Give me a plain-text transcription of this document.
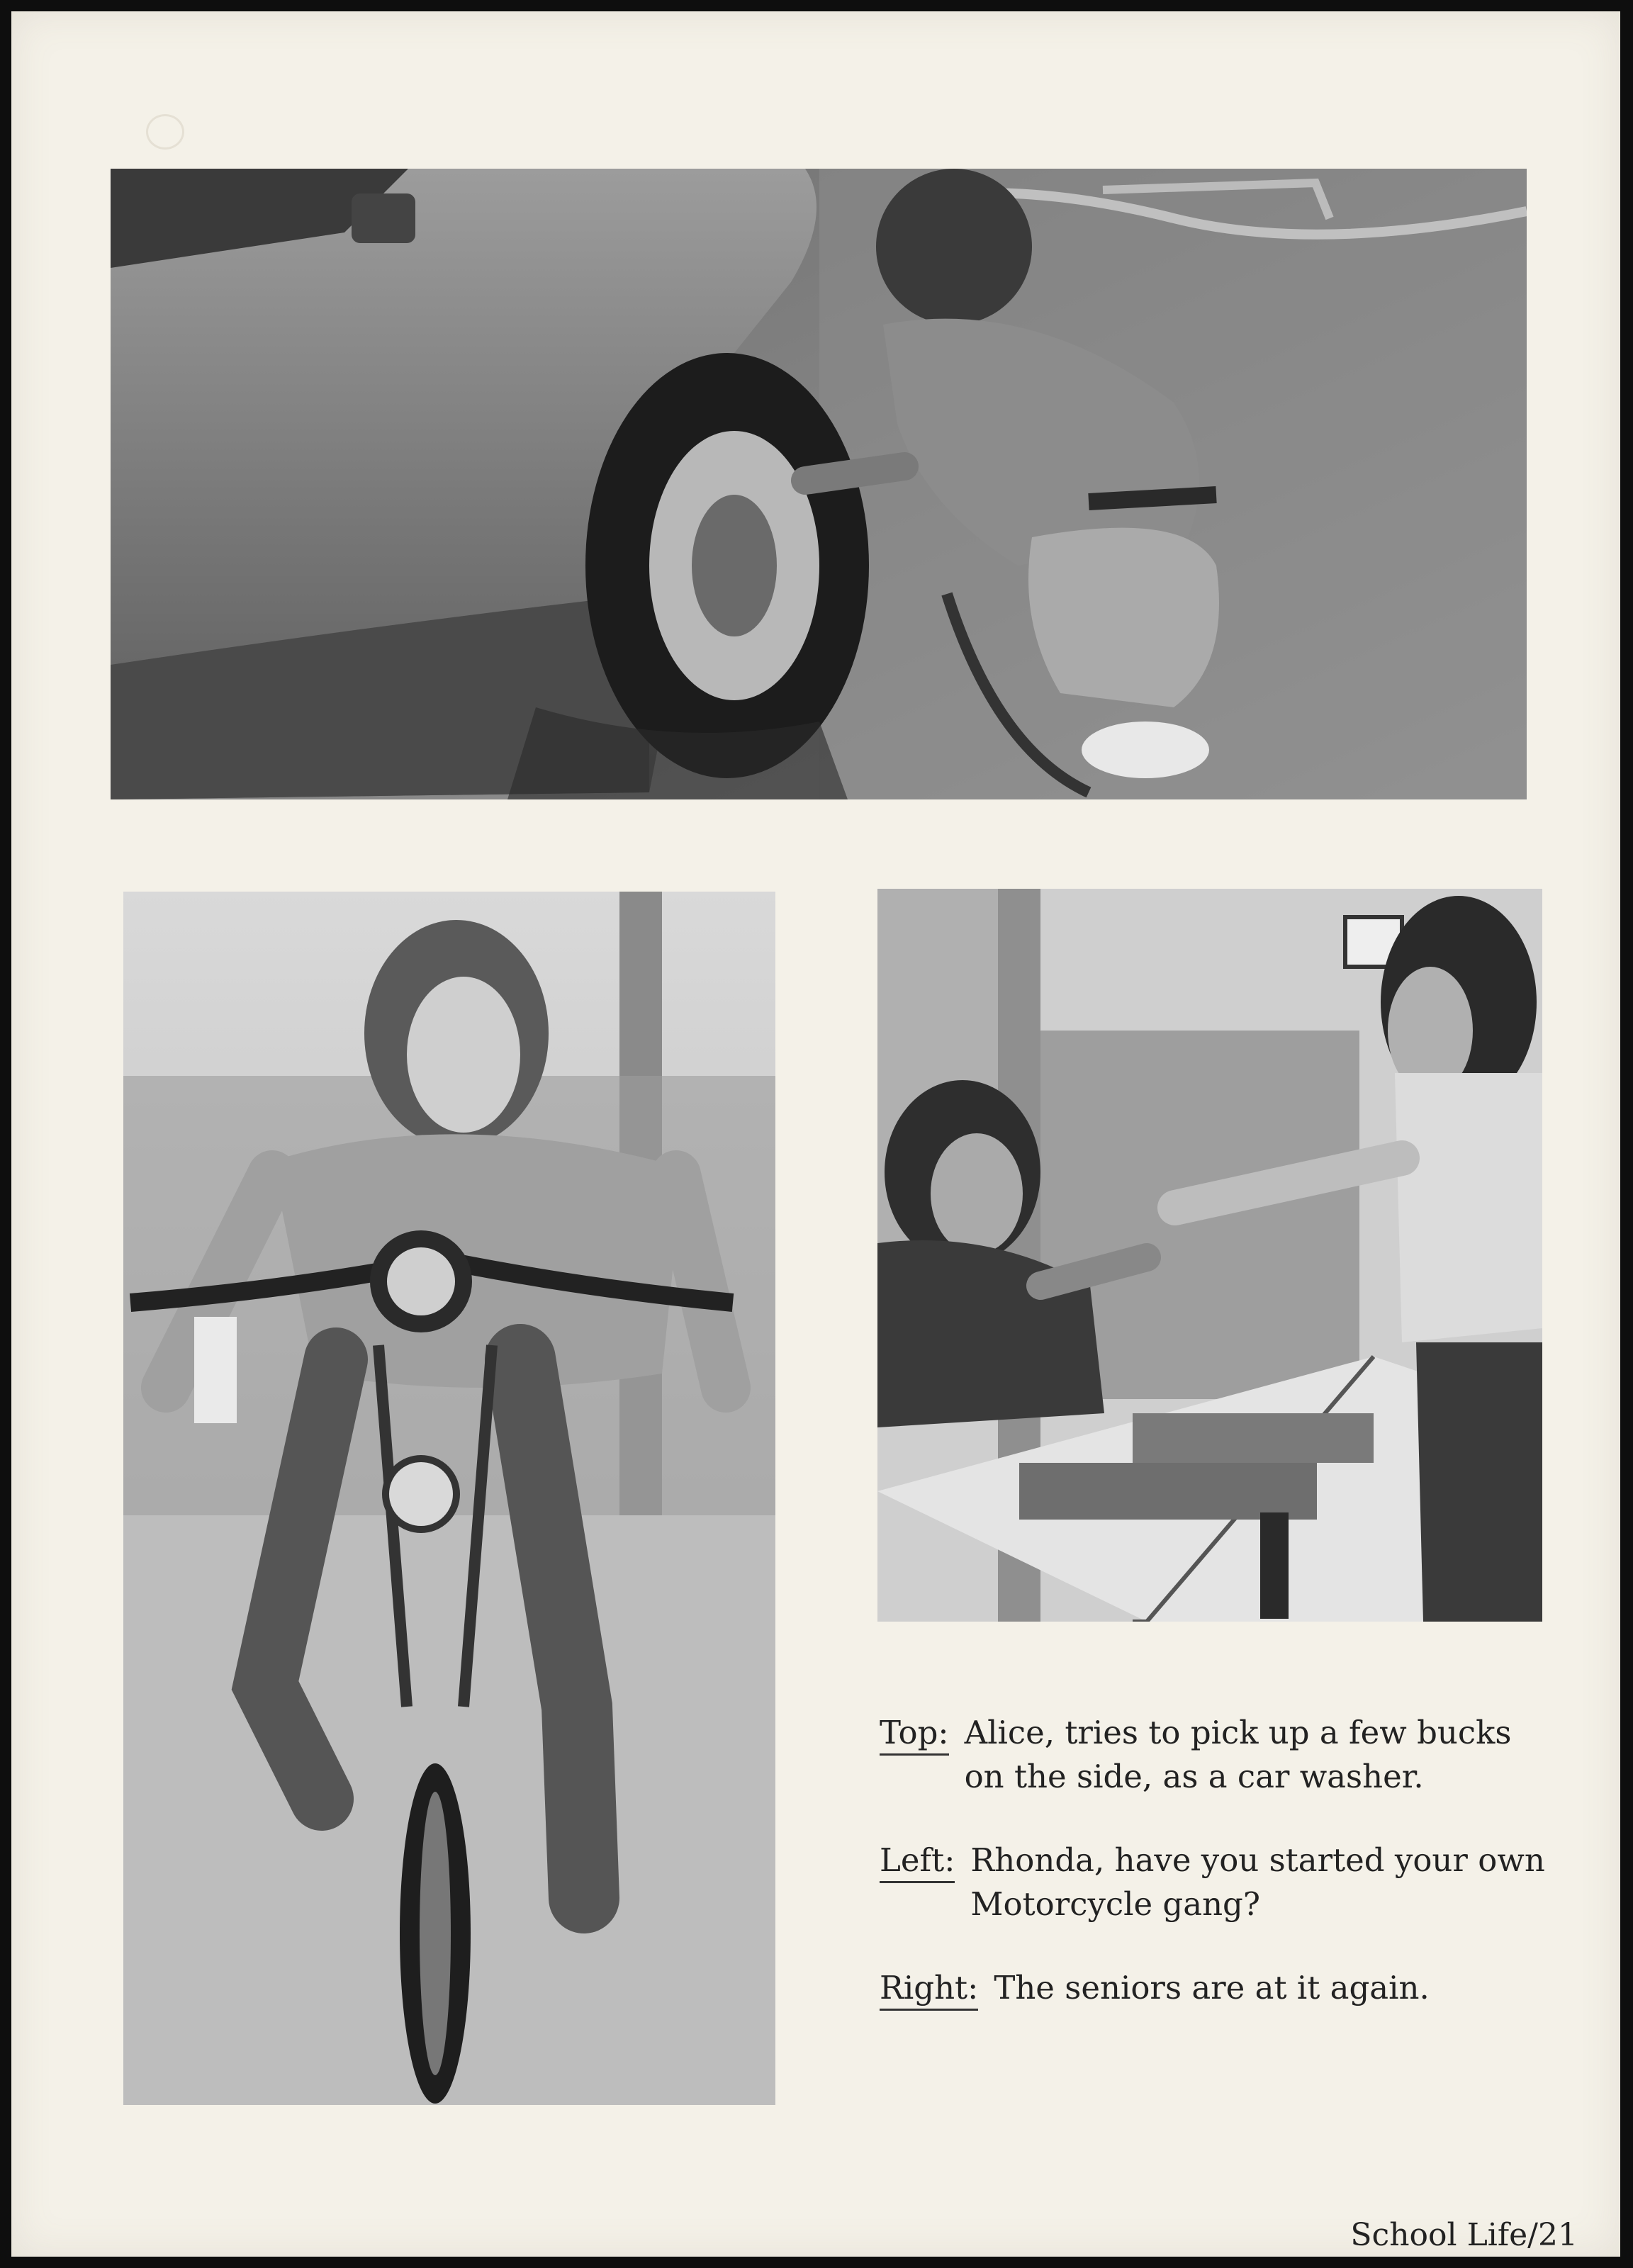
Top: Alice, tries to pick up a few bucks on the side, as a car washer.
Left: Rhonda, have you started your own Motorcycle gang?
Right: The seniors are at it again.
School Life/21
